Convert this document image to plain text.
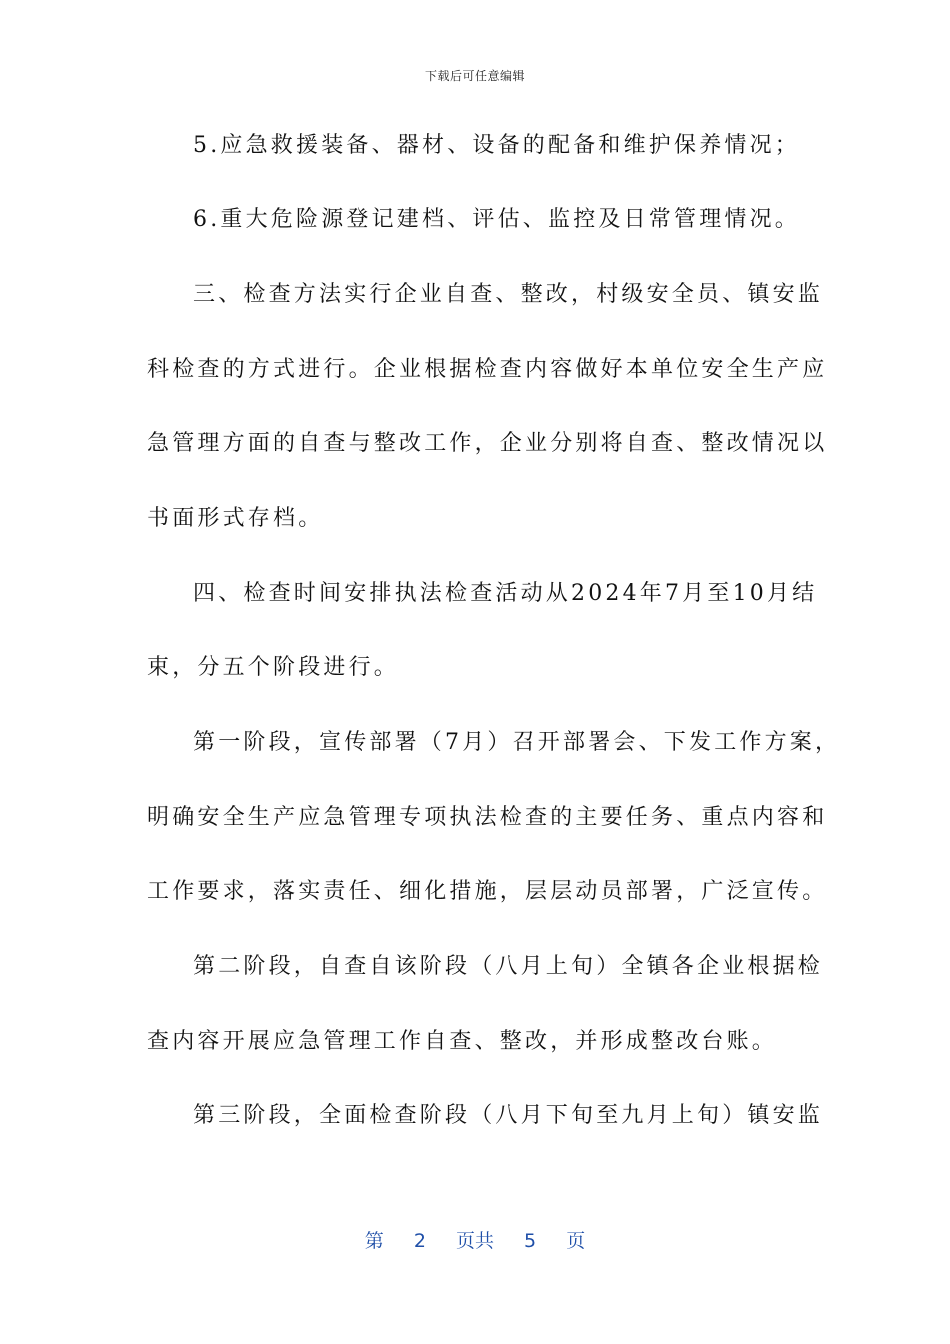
下载后可任意编辑
5.应急救援装备、器材、设备的配备和维护保养情况；
6.重大危险源登记建档、评估、监控及日常管理情况。
三、检查方法实行企业自查、整改，村级安全员、镇安监
科检查的方式进行。企业根据检查内容做好本单位安全生产应
急管理方面的自查与整改工作，企业分别将自查、整改情况以
书面形式存档。
四、检查时间安排执法检查活动从2024年7月至10月结
束，分五个阶段进行。
第一阶段，宣传部署（7月）召开部署会、下发工作方案，
明确安全生产应急管理专项执法检查的主要任务、重点内容和
工作要求，落实责任、细化措施，层层动员部署，广泛宣传。
第二阶段，自查自该阶段（八月上旬）全镇各企业根据检
查内容开展应急管理工作自查、整改，并形成整改台账。
第三阶段，全面检查阶段（八月下旬至九月上旬）镇安监
第 2 页共 5 页
